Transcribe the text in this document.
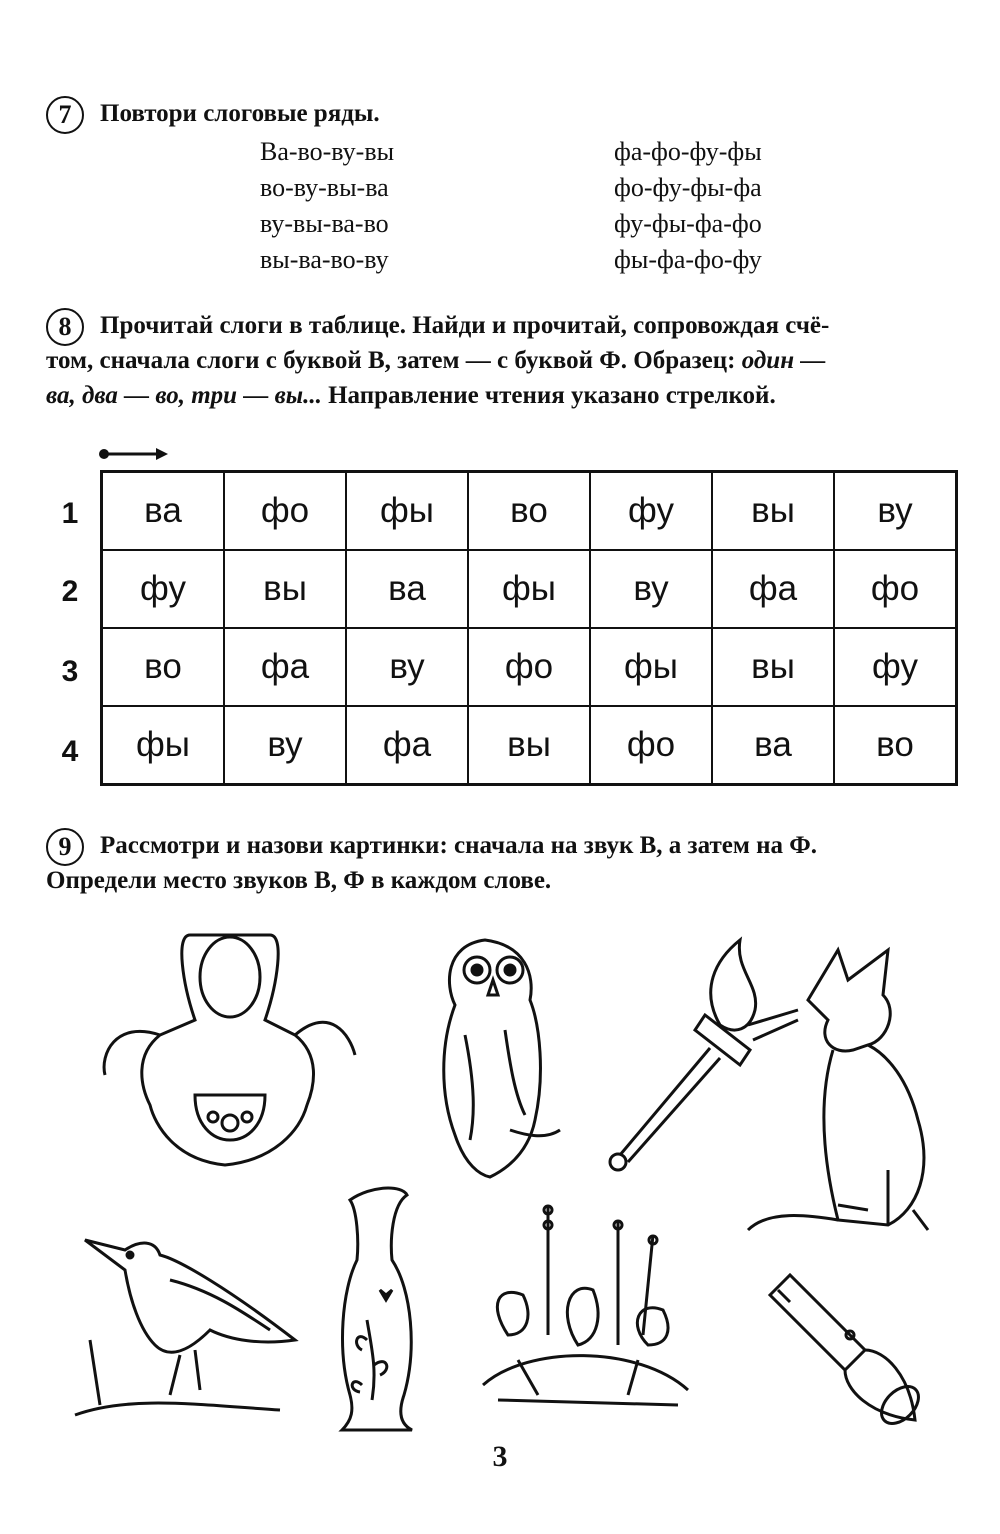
7	Повтори слоговые ряды.
Ва-во-ву-вы
во-ву-вы-ва
ву-вы-ва-во
вы-ва-во-ву
фа-фо-фу-фы
фо-фу-фы-фа
фу-фы-фа-фо
фы-фа-фо-фу
8	Прочитай слоги в таблице. Найди и прочитай, сопровождая счё-
том, сначала слоги с буквой В, затем — с буквой Ф. Образец: один —
ва, два — во, три — вы... Направление чтения указано стрелкой.
1
2
3
4
ва	фо	фы	во	фу	вы	ву
фу	вы	ва	фы	ву	фа	фо
во	фа	ву	фо	фы	вы	фу
фы	ву	фа	вы	фо	ва	во
9	Рассмотри и назови картинки: сначала на звук В, а затем на Ф.
Определи место звуков В, Ф в каждом слове.
3
